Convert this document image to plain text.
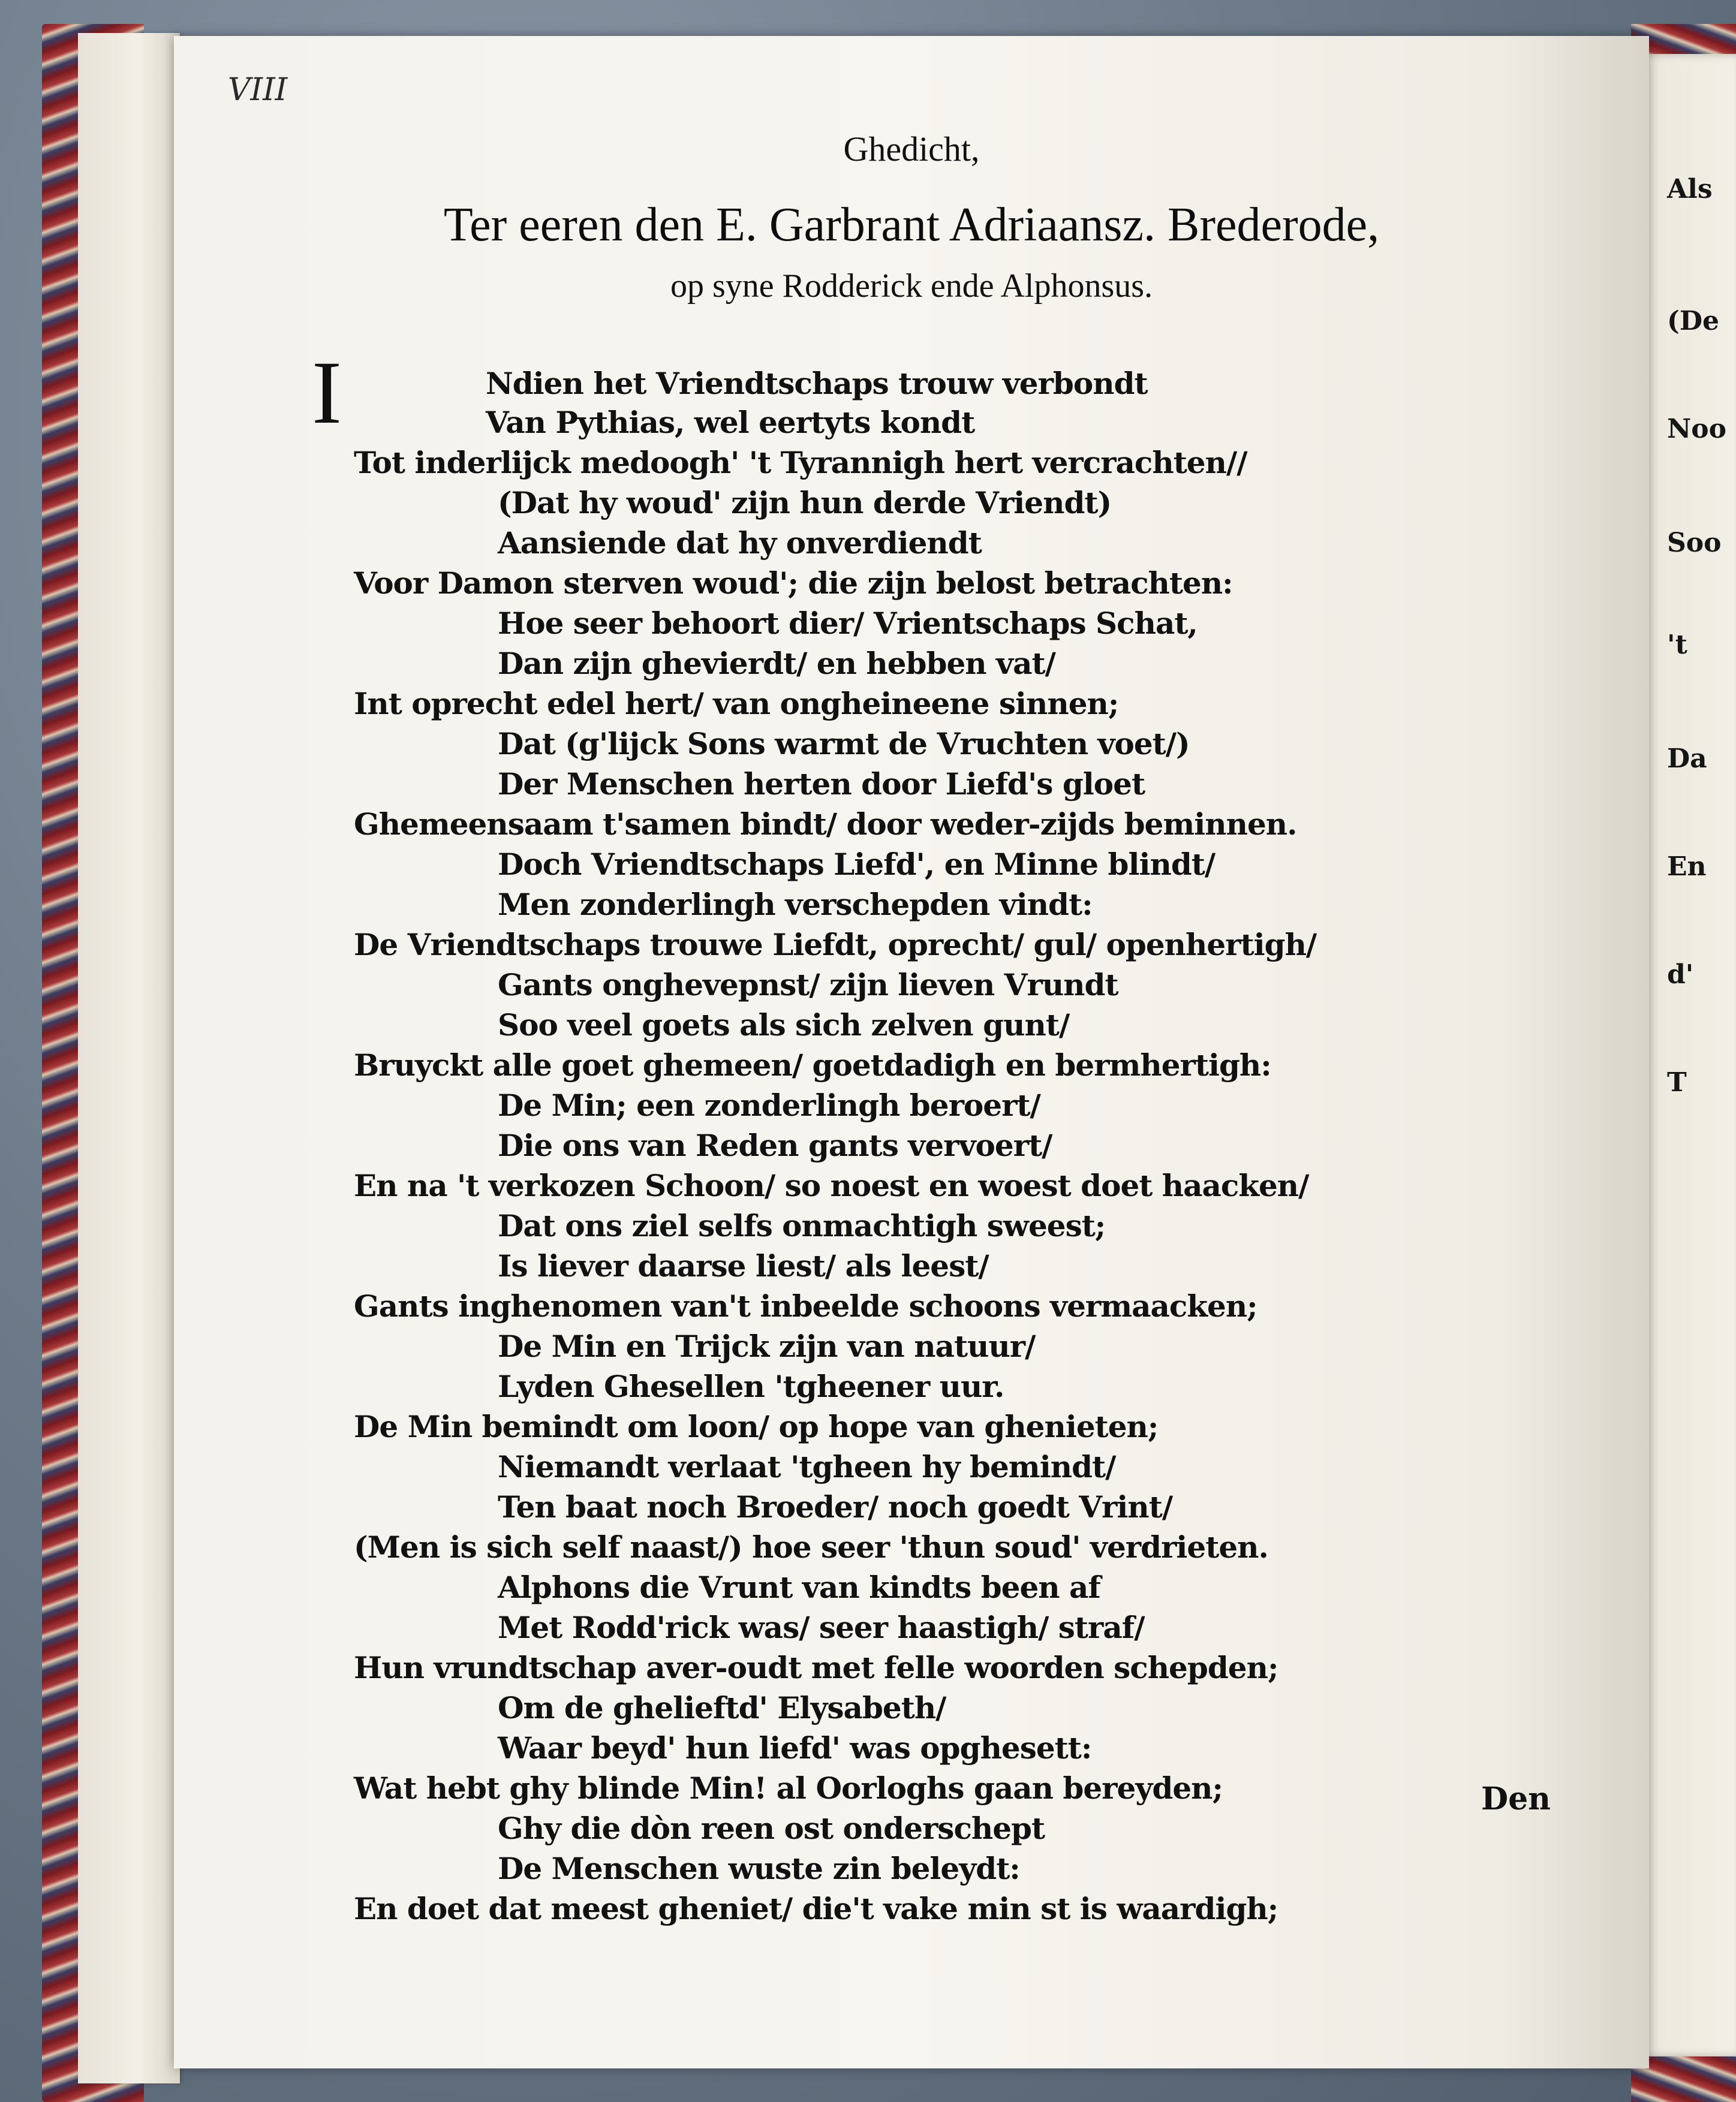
Als
(De
Noo
Soo
't
Da
En
d'
T
VIII
Ghedicht,
Ter eeren den E. Garbrant Adriaansz. Brederode,
op syne Rodderick ende Alphonsus.
I	Ndien het Vriendtschaps trouw verbondt
Van Pythias, wel eertyts kondt
Tot inderlijck medoogh' 't Tyrannigh hert vercrachten//
(Dat hy woud' zijn hun derde Vriendt)
Aansiende dat hy onverdiendt
Voor Damon sterven woud'; die zijn belost betrachten:
Hoe seer behoort dier/ Vrientschaps Schat,
Dan zijn ghevierdt/ en hebben vat/
Int oprecht edel hert/ van ongheineene sinnen;
Dat (g'lijck Sons warmt de Vruchten voet/)
Der Menschen herten door Liefd's gloet
Ghemeensaam t'samen bindt/ door weder-zijds beminnen.
Doch Vriendtschaps Liefd', en Minne blindt/
Men zonderlingh verschepden vindt:
De Vriendtschaps trouwe Liefdt, oprecht/ gul/ openhertigh/
Gants onghevepnst/ zijn lieven Vrundt
Soo veel goets als sich zelven gunt/
Bruyckt alle goet ghemeen/ goetdadigh en bermhertigh:
De Min; een zonderlingh beroert/
Die ons van Reden gants vervoert/
En na 't verkozen Schoon/ so noest en woest doet haacken/
Dat ons ziel selfs onmachtigh sweest;
Is liever daarse liest/ als leest/
Gants inghenomen van't inbeelde schoons vermaacken;
De Min en Trijck zijn van natuur/
Lyden Ghesellen 'tgheener uur.
De Min bemindt om loon/ op hope van ghenieten;
Niemandt verlaat 'tgheen hy bemindt/
Ten baat noch Broeder/ noch goedt Vrint/
(Men is sich self naast/) hoe seer 'thun soud' verdrieten.
Alphons die Vrunt van kindts been af
Met Rodd'rick was/ seer haastigh/ straf/
Hun vrundtschap aver-oudt met felle woorden schepden;
Om de ghelieftd' Elysabeth/
Waar beyd' hun liefd' was opghesett:
Wat hebt ghy blinde Min! al Oorloghs gaan bereyden;
Ghy die dòn reen ost onderschept
De Menschen wuste zin beleydt:
En doet dat meest gheniet/ die't vake min st is waardigh;
Den
